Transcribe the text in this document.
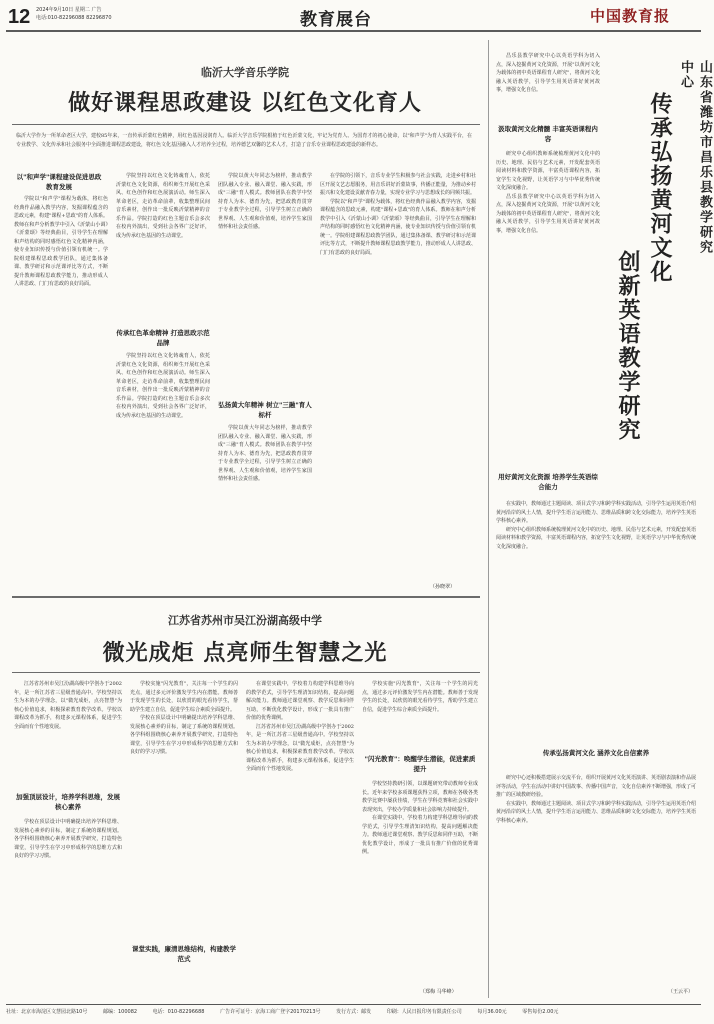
12 2024年9月10日 星期二 广告
电话:010-82296088 82296870	教育展台	中国教育报
临沂大学音乐学院
做好课程思政建设 以红色文化育人
临沂大学作为一所革命老区大学，建校85年来，一直传承沂蒙红色精神，用红色基因浸润育人。临沂大学音乐学院根植于红色沂蒙文化，牢记为党育人、为国育才的初心使命，以"和声学"为育人实践平台，在专业教学、文化传承和社会服务中全面推进课程思政建设，将红色文化基因融入人才培养全过程，培养德艺双馨的艺术人才，打造了音乐专业课程思政建设的新样态。
以"和声学"课程建设促进思政教育发展

学院以"和声学"课程为载体，将红色经典作品融入教学内容，发掘课程蕴含的思政元素，构建"课程+思政"的育人体系。教师在和声分析教学中引入《沂蒙山小调》《沂蒙颂》等经典曲目，引导学生在理解和声结构的同时感悟红色文化精神内涵，使专业知识传授与价值引领有机统一。学院组建课程思政教学团队，通过集体备课、教学研讨和示范课评比等方式，不断提升教师课程思政教学能力，推动形成人人讲思政、门门有思政的良好局面。

学院坚持以红色文化铸魂育人，依托沂蒙红色文化资源，组织师生开展红色采风、红色创作和红色展演活动。师生深入革命老区，走访革命前辈，收集整理民间音乐素材，创作出一批反映沂蒙精神的音乐作品。学院打造的红色主题音乐会多次在校内外演出，受到社会各界广泛好评，成为传承红色基因的生动课堂。

传承红色革命精神 打造思政示范品牌

学院坚持以红色文化铸魂育人，依托沂蒙红色文化资源，组织师生开展红色采风、红色创作和红色展演活动。师生深入革命老区，走访革命前辈，收集整理民间音乐素材，创作出一批反映沂蒙精神的音乐作品。学院打造的红色主题音乐会多次在校内外演出，受到社会各界广泛好评，成为传承红色基因的生动课堂。

学院以黄大年同志为榜样，推动教学团队融入专业、融入课堂、融入实践，形成"三融"育人模式。教师团队在教学中坚持育人为本、德育为先，把思政教育贯穿于专业教学全过程，引导学生树立正确的世界观、人生观和价值观，培养学生家国情怀和社会责任感。

弘扬黄大年精神 树立"三融"育人标杆

学院以黄大年同志为榜样，推动教学团队融入专业、融入课堂、融入实践，形成"三融"育人模式。教师团队在教学中坚持育人为本、德育为先，把思政教育贯穿于专业教学全过程，引导学生树立正确的世界观、人生观和价值观，培养学生家国情怀和社会责任感。

在学院的引领下，音乐专业学生积极参与社会实践，走进乡村和社区开展文艺志愿服务，用音乐讲好沂蒙故事，传播正能量，为推动乡村振兴和文化建设贡献青春力量，实现专业学习与思想成长的同频共振。

学院以"和声学"课程为载体，将红色经典作品融入教学内容，发掘课程蕴含的思政元素，构建"课程+思政"的育人体系。教师在和声分析教学中引入《沂蒙山小调》《沂蒙颂》等经典曲目，引导学生在理解和声结构的同时感悟红色文化精神内涵，使专业知识传授与价值引领有机统一。学院组建课程思政教学团队，通过集体备课、教学研讨和示范课评比等方式，不断提升教师课程思政教学能力，推动形成人人讲思政、门门有思政的良好局面。

（孙晓翠）
江苏省苏州市吴江汾湖高级中学
微光成炬 点亮师生智慧之光

江苏省苏州市吴江汾湖高级中学创办于2002年，是一所江苏省三星级普通高中。学校坚持以生为本的办学理念，以"微光成炬，点亮智慧"为核心价值追求，积极探索教育教学改革。学校以课程改革为抓手，构建多元课程体系，促进学生全面而有个性地发展。

加强顶层设计，培养学科思维，发展核心素养

学校在顶层设计中明确提出培养学科思维、发展核心素养的目标，制定了系统的课程规划。各学科组围绕核心素养开展教学研究，打造特色课堂，引导学生在学习中形成科学的思维方式和良好的学习习惯。

学校实施"闪光教育"，关注每一个学生的闪光点，通过多元评价激发学生内在潜能。教师善于发现学生的长处，以欣赏的眼光看待学生，帮助学生建立自信，促进学生综合素质全面提升。

学校在顶层设计中明确提出培养学科思维、发展核心素养的目标，制定了系统的课程规划。各学科组围绕核心素养开展教学研究，打造特色课堂，引导学生在学习中形成科学的思维方式和良好的学习习惯。

在课堂实践中，学校着力构建学科思维导向的教学范式，引导学生理清知识结构，提高问题解决能力。教师通过课堂观察、教学反思和同伴互助，不断优化教学设计，形成了一批具有推广价值的优秀课例。

江苏省苏州市吴江汾湖高级中学创办于2002年，是一所江苏省三星级普通高中。学校坚持以生为本的办学理念，以"微光成炬，点亮智慧"为核心价值追求，积极探索教育教学改革。学校以课程改革为抓手，构建多元课程体系，促进学生全面而有个性地发展。

课堂实践，廉清思维结构，构建教学范式

学校实施"闪光教育"，关注每一个学生的闪光点，通过多元评价激发学生内在潜能。教师善于发现学生的长处，以欣赏的眼光看待学生，帮助学生建立自信，促进学生综合素质全面提升。

"闪光教育"：唤醒学生潜能，促进素质提升

学校坚持教研引领，以课题研究带动教师专业成长。近年来学校多项课题获得立项，教师在各级各类教学比赛中屡获佳绩，学生在学科竞赛和社会实践中表现突出，学校办学质量和社会影响力持续提升。

在课堂实践中，学校着力构建学科思维导向的教学范式，引导学生理清知识结构，提高问题解决能力。教师通过课堂观察、教学反思和同伴互助，不断优化教学设计，形成了一批具有推广价值的优秀课例。

（郑梅 马华峰）
山东省潍坊市昌乐县教学研究中心
传承弘扬黄河文化
创新英语教学研究

昌乐县教学研究中心以英语学科为切入点，深入挖掘黄河文化资源，开展"以黄河文化为载体的初中英语课程育人研究"，将黄河文化融入英语教学，引导学生用英语讲好黄河故事，增强文化自信。

汲取黄河文化精髓 丰富英语课程内容

研究中心组织教师系统梳理黄河文化中的历史、地理、民俗与艺术元素，开发配套英语阅读材料和教学资源，丰富英语课程内容，拓宽学生文化视野，让英语学习与中华优秀传统文化深度融合。

昌乐县教学研究中心以英语学科为切入点，深入挖掘黄河文化资源，开展"以黄河文化为载体的初中英语课程育人研究"，将黄河文化融入英语教学，引导学生用英语讲好黄河故事，增强文化自信。

用好黄河文化资源 培养学生英语综合能力

在实践中，教师通过主题阅读、项目式学习和跨学科实践活动，引导学生运用英语介绍黄河沿岸的风土人情，提升学生语言运用能力、思维品质和跨文化交际能力，培养学生英语学科核心素养。

研究中心组织教师系统梳理黄河文化中的历史、地理、民俗与艺术元素，开发配套英语阅读材料和教学资源，丰富英语课程内容，拓宽学生文化视野，让英语学习与中华优秀传统文化深度融合。

传承弘扬黄河文化 涵养文化自信素养

研究中心还积极搭建展示交流平台，组织开展黄河文化英语演讲、英语剧表演和作品展评等活动，学生在活动中讲好中国故事、传播中国声音，文化自信素养不断增强，形成了可推广的区域教研经验。

在实践中，教师通过主题阅读、项目式学习和跨学科实践活动，引导学生运用英语介绍黄河沿岸的风土人情，提升学生语言运用能力、思维品质和跨文化交际能力，培养学生英语学科核心素养。

（王云平）
社址：北京市海淀区文慧园北路10号	邮编：100082	电话：010-82296688	广告许可证号：京海工商广登字20170213号	发行方式：邮发	印刷：人民日报印务有限责任公司	每月36.00元	零售每份2.00元
